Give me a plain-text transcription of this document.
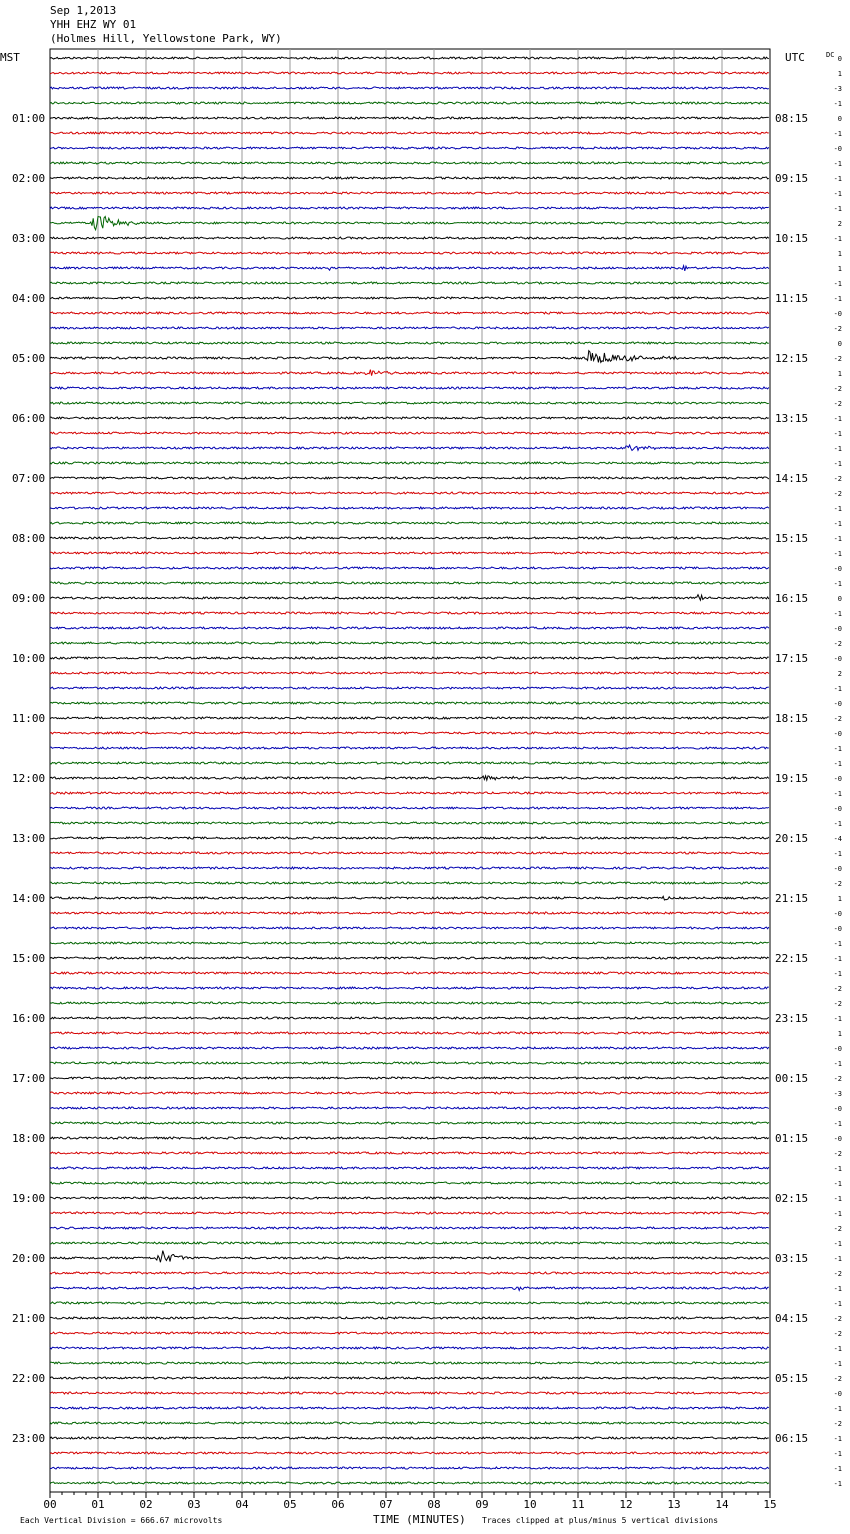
Sep 1,2013
YHH EHZ WY 01
(Holmes Hill, Yellowstone Park, WY)
MST	UTC	DC
01:00
02:00
03:00
04:00
05:00
06:00
07:00
08:00
09:00
10:00
11:00
12:00
13:00
14:00
15:00
16:00
17:00
18:00
19:00
20:00
21:00
22:00
23:00
08:15
09:15
10:15
11:15
12:15
13:15
14:15
15:15
16:15
17:15
18:15
19:15
20:15
21:15
22:15
23:15
00:15
01:15
02:15
03:15
04:15
05:15
06:15
0
1
-3
-1
0
-1
-0
-1
-1
-1
-1
2
-1
1
1
-1
-1
-0
-2
0
-2
1
-2
-2
-1
-1
-1
-1
-2
-2
-1
-1
-1
-1
-0
-1
0
-1
-0
-2
-0
2
-1
-0
-2
-0
-1
-1
-0
-1
-0
-1
-4
-1
-0
-2
1
-0
-0
-1
-1
-1
-2
-2
-1
1
-0
-1
-2
-3
-0
-1
-0
-2
-1
-1
-1
-1
-2
-1
-1
-2
-1
-1
-2
-2
-1
-1
-2
-0
-1
-2
-1
-1
-1
-1
00	01	02	03	04	05	06	07	08	09	10	11	12	13	14	15
TIME (MINUTES)
Each Vertical Division = 666.67 microvolts	Traces clipped at plus/minus 5 vertical divisions
